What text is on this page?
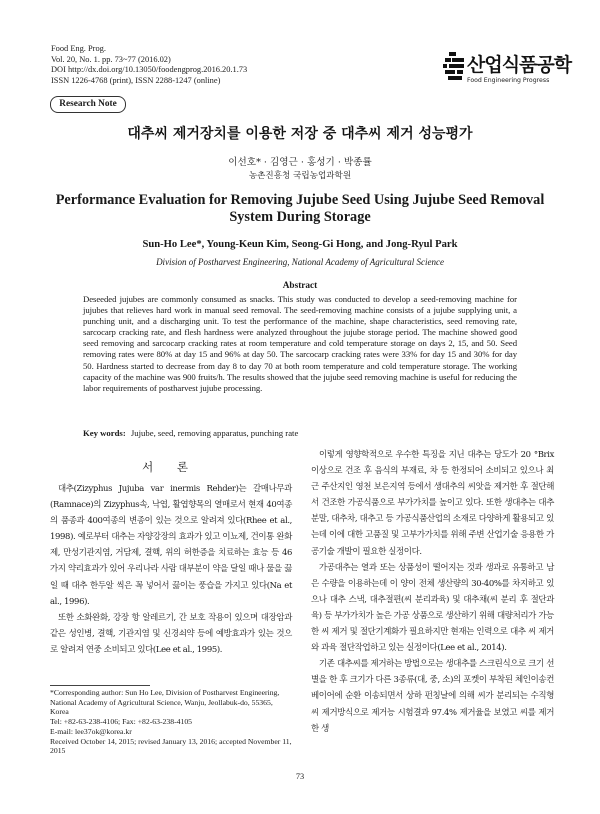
Food Eng. Prog.
Vol. 20, No. 1. pp. 73~77 (2016.02)
DOI http://dx.doi.org/10.13050/foodengprog.2016.20.1.73
ISSN 1226-4768 (print), ISSN 2288-1247 (online)
산업식품공학
Food Engineering Progress
Research Note
대추씨 제거장치를 이용한 저장 중 대추씨 제거 성능평가
이선호* · 김영근 · 홍성기 · 박종률
농촌진흥청 국립농업과학원
Performance Evaluation for Removing Jujube Seed Using Jujube Seed Removal System During Storage
Sun-Ho Lee*, Young-Keun Kim, Seong-Gi Hong, and Jong-Ryul Park
Division of Postharvest Engineering, National Academy of Agricultural Science
Abstract
Deseeded jujubes are commonly consumed as snacks. This study was conducted to develop a seed-removing machine for jujubes that relieves hard work in manual seed removal. The seed-removing machine consists of a jujube supplying unit, a punching unit, and a discharging unit. To test the performance of the machine, shape characteristics, seed removing rate, sarcocarp cracking rate, and flesh hardness were analyzed throughout the jujube storage period. The machine showed good seed removing and sarcocarp cracking rates at room temperature and cold temperature storage on days 2, 15, and 50. Seed removing rates were 80% at day 15 and 96% at day 50. The sarcocarp cracking rates were 33% for day 15 and 30% for day 50. Hardness started to decrease from day 8 to day 70 at both room temperature and cold temperature storage. The working capacity of the machine was 900 fruits/h. The results showed that the jujube seed removing machine is useful for reducing the labor requirements of postharvest jujube processing.
Key words: Jujube, seed, removing apparatus, punching rate
서 론

대추(Zizyphus Jujuba var inermis Rehder)는 갈매나무과(Ramnace)의 Zizyphus속, 낙엽, 활엽향목의 열매로서 현재 40여종의 품종과 400여종의 변종이 있는 것으로 알려져 있다(Rhee et al., 1998). 예로부터 대추는 자양강장의 효과가 있고 이뇨제, 건이통 완화제, 만성기관지염, 거담제, 결핵, 위의 허한증을 치료하는 효능 등 46가지 약리효과가 있어 우리나라 사람 대부분이 약을 달일 때나 물을 끓일 때 대추 한두알 씩은 꼭 넣어서 끓이는 풍습을 가지고 있다(Na et al., 1996).

또한 소화완화, 강장 항 알레르기, 간 보호 작용이 있으며 대장암과 같은 성인병, 결핵, 기관지염 및 신경쇠약 등에 예방효과가 있는 것으로 알려져 연중 소비되고 있다(Lee et al., 1995).

이렇게 영향학적으로 우수한 특징을 지닌 대추는 당도가 20 °Brix 이상으로 건조 후 음식의 부재료, 차 등 한정되어 소비되고 있으나 최근 주산지인 영천 보은지역 등에서 생대추의 씨앗을 제거한 후 절단해서 건조한 가공식품으로 부가가치를 높이고 있다. 또한 생대추는 대추분말, 대추차, 대추고 등 가공식품산업의 소재로 다양하게 활용되고 있는데 이에 대한 고품질 및 고부가가치를 위해 주변 산업기술 응용한 가공기술 개발이 필요한 실정이다.

가공대추는 열과 또는 상품성이 떨어지는 것과 생과로 유통하고 남은 수량을 이용하는데 이 양이 전체 생산량의 30-40%를 차지하고 있으나 대추 스낵, 대추절편(씨 분리과육) 및 대추채(씨 분리 후 절단과육) 등 부가가치가 높은 가공 상품으로 생산하기 위해 대량처리가 가능한 씨 제거 및 절단기계화가 필요하지만 현재는 인력으로 대추 씨 제거와 과육 절단작업하고 있는 실정이다(Lee et al., 2014).

기존 대추씨를 제거하는 방법으로는 생대추를 스크린식으로 크기 선별을 한 후 크기가 다른 3종류(대, 중, 소)의 포켓이 부착된 체인이송컨베이어에 순환 이송되면서 상하 펀칭날에 의해 씨가 분리되는 수직형 씨 제거방식으로 제거능 시험결과 97.4% 제거율을 보였고 씨를 제거한 생

*Corresponding author: Sun Ho Lee, Division of Postharvest Engineering, National Academy of Agricultural Science, Wanju, Jeollabuk-do, 55365, Korea
Tel: +82-63-238-4106; Fax: +82-63-238-4105
E-mail: lee37ok@korea.kr
Received October 14, 2015; revised January 13, 2016; accepted November 11, 2015
73
